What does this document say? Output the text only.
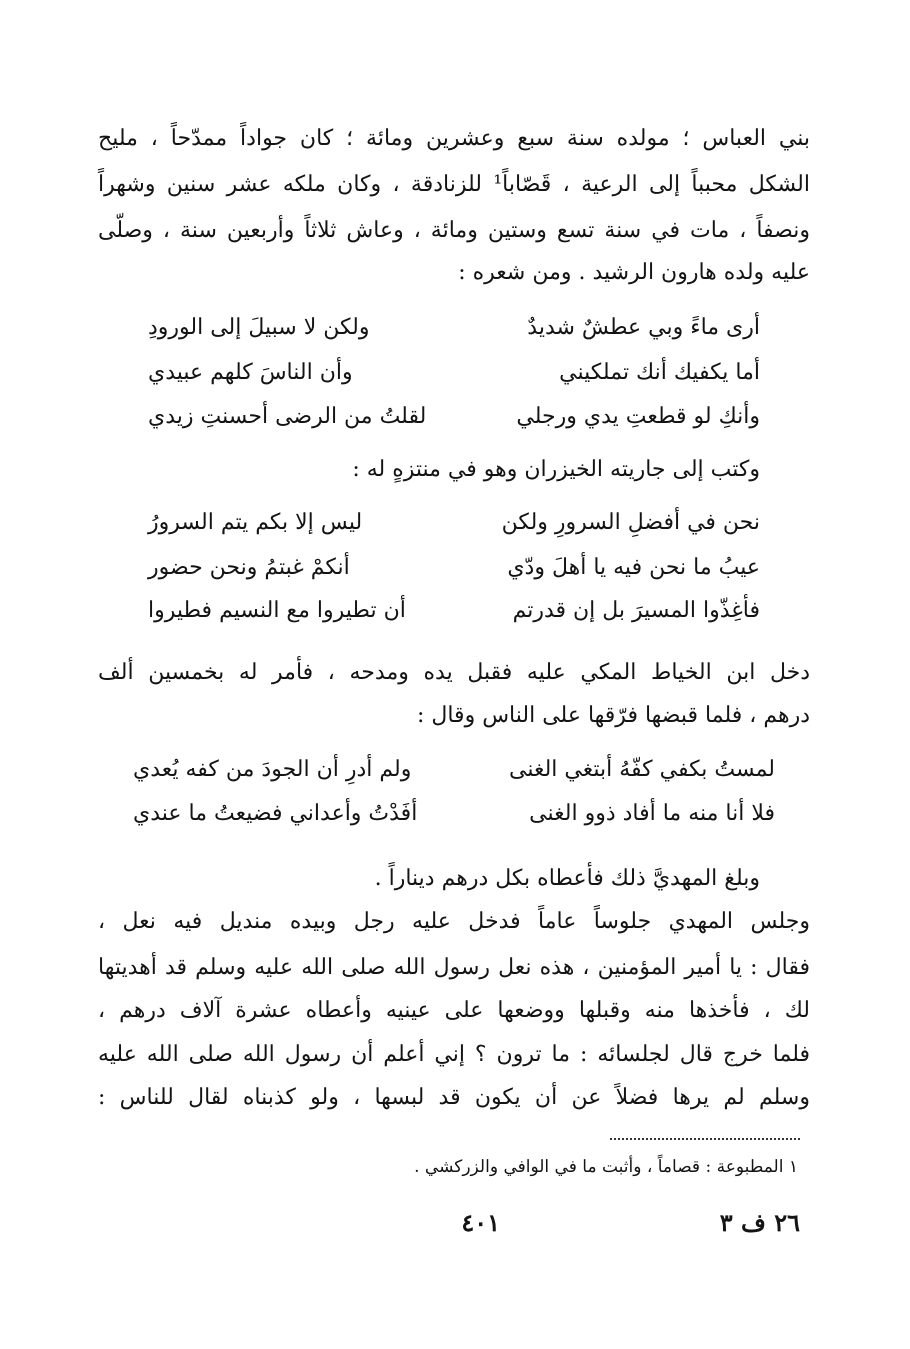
بني العباس ؛ مولده سنة سبع وعشرين ومائة ؛ كان جواداً ممدّحاً ، مليح
الشكل محبباً إلى الرعية ، قَصّاباً¹ للزنادقة ، وكان ملكه عشر سنين وشهراً
ونصفاً ، مات في سنة تسع وستين ومائة ، وعاش ثلاثاً وأربعين سنة ، وصلّى
عليه ولده هارون الرشيد . ومن شعره :
أرى ماءً وبي عطشٌ شديدٌ
ولكن لا سبيلَ إلى الورودِ
أما يكفيك أنك تملكيني
وأن الناسَ كلهم عبيدي
وأنكِ لو قطعتِ يدي ورجلي
لقلتُ من الرضى أحسنتِ زيدي
وكتب إلى جاريته الخيزران وهو في منتزهٍ له :
نحن في أفضلِ السرورِ ولكن
ليس إلا بكم يتم السرورُ
عيبُ ما نحن فيه يا أهلَ ودّي
أنكمْ غبتمُ ونحن حضور
فأغِذّوا المسيرَ بل إن قدرتم
أن تطيروا مع النسيم فطيروا
دخل ابن الخياط المكي عليه فقبل يده ومدحه ، فأمر له بخمسين ألف
درهم ، فلما قبضها فرّقها على الناس وقال :
لمستُ بكفي كفّهُ أبتغي الغنى
ولم أدرِ أن الجودَ من كفه يُعدي
فلا أنا منه ما أفاد ذوو الغنى
أفَدْتُ وأعداني فضيعتُ ما عندي
وبلغ المهديَّ ذلك فأعطاه بكل درهم ديناراً .
وجلس المهدي جلوساً عاماً فدخل عليه رجل وبيده منديل فيه نعل ،
فقال : يا أمير المؤمنين ، هذه نعل رسول الله صلى الله عليه وسلم قد أهديتها
لك ، فأخذها منه وقبلها ووضعها على عينيه وأعطاه عشرة آلاف درهم ،
فلما خرج قال لجلسائه : ما ترون ؟ إني أعلم أن رسول الله صلى الله عليه
وسلم لم يرها فضلاً عن أن يكون قد لبسها ، ولو كذبناه لقال للناس :
١ المطبوعة : قصاماً ، وأثبت ما في الوافي والزركشي .
٢٦ ف ٣
٤٠١
